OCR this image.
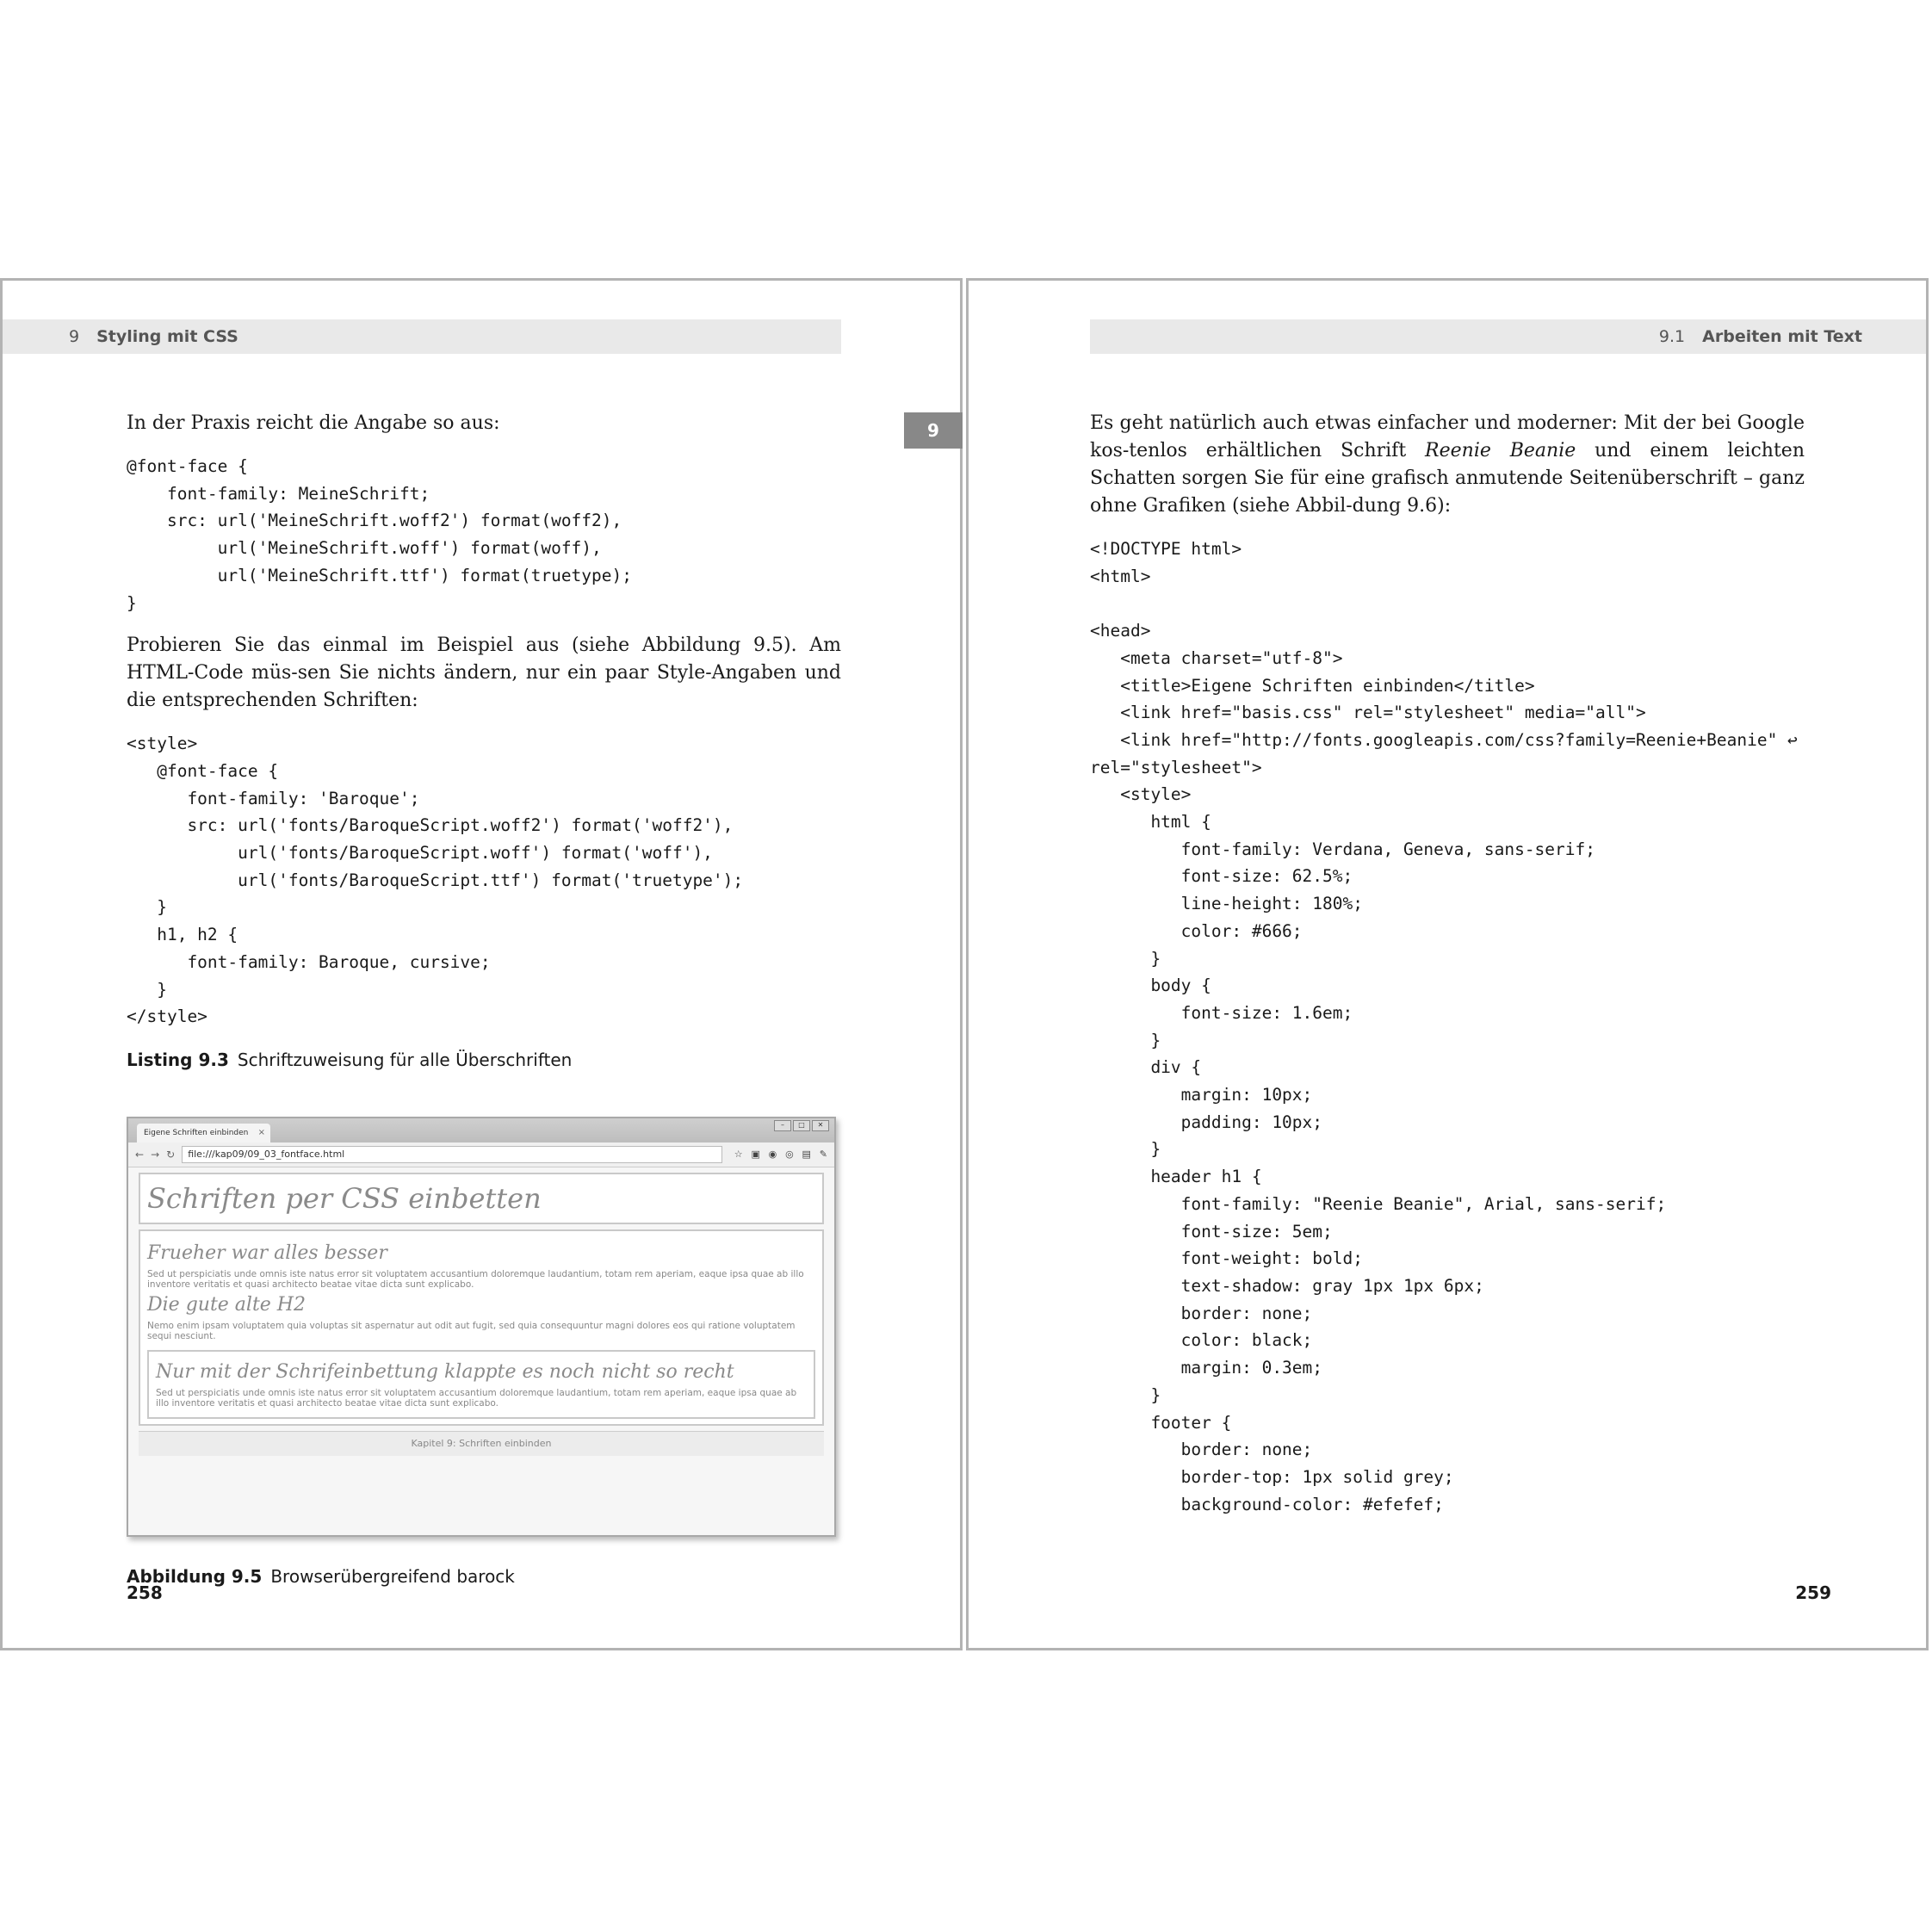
9 Styling mit CSS

In der Praxis reicht die Angabe so aus:

@font-face {
font-family: MeineSchrift;
src: url('MeineSchrift.woff2') format(woff2),
url('MeineSchrift.woff') format(woff),
url('MeineSchrift.ttf') format(truetype);
}

Probieren Sie das einmal im Beispiel aus (siehe Abbildung 9.5). Am HTML-Code müs-sen Sie nichts ändern, nur ein paar Style-Angaben und die entsprechenden Schriften:

<style>
@font-face {
font-family: 'Baroque';
src: url('fonts/BaroqueScript.woff2') format('woff2'),
url('fonts/BaroqueScript.woff') format('woff'),
url('fonts/BaroqueScript.ttf') format('truetype');
}
h1, h2 {
font-family: Baroque, cursive;
}
</style>

Listing 9.3 Schriftzuweisung für alle Überschriften

Eigene Schriften einbinden ×
–	□	✕
← → ↻ file:///kap09/09_03_fontface.html	☆ ▣ ◉ ◎ ▤ ✎
Schriften per CSS einbetten
Frueher war alles besser
Sed ut perspiciatis unde omnis iste natus error sit voluptatem accusantium doloremque laudantium, totam rem aperiam, eaque ipsa quae ab illo inventore veritatis et quasi architecto beatae vitae dicta sunt explicabo.
Die gute alte H2
Nemo enim ipsam voluptatem quia voluptas sit aspernatur aut odit aut fugit, sed quia consequuntur magni dolores eos qui ratione voluptatem sequi nesciunt.
Nur mit der Schrifeinbettung klappte es noch nicht so recht
Sed ut perspiciatis unde omnis iste natus error sit voluptatem accusantium doloremque laudantium, totam rem aperiam, eaque ipsa quae ab illo inventore veritatis et quasi architecto beatae vitae dicta sunt explicabo.
Kapitel 9: Schriften einbinden

Abbildung 9.5 Browserübergreifend barock

258
9.1 Arbeiten mit Text

Es geht natürlich auch etwas einfacher und moderner: Mit der bei Google kos-tenlos erhältlichen Schrift Reenie Beanie und einem leichten Schatten sorgen Sie für eine grafisch anmutende Seitenüberschrift – ganz ohne Grafiken (siehe Abbil-dung 9.6):

<!DOCTYPE html>
<html>

<head>
<meta charset="utf-8">
<title>Eigene Schriften einbinden</title>
<link href="basis.css" rel="stylesheet" media="all">
<link href="http://fonts.googleapis.com/css?family=Reenie+Beanie" ↩
rel="stylesheet">
<style>
html {
font-family: Verdana, Geneva, sans-serif;
font-size: 62.5%;
line-height: 180%;
color: #666;
}
body {
font-size: 1.6em;
}
div {
margin: 10px;
padding: 10px;
}
header h1 {
font-family: "Reenie Beanie", Arial, sans-serif;
font-size: 5em;
font-weight: bold;
text-shadow: gray 1px 1px 6px;
border: none;
color: black;
margin: 0.3em;
}
footer {
border: none;
border-top: 1px solid grey;
background-color: #efefef;
259
9
